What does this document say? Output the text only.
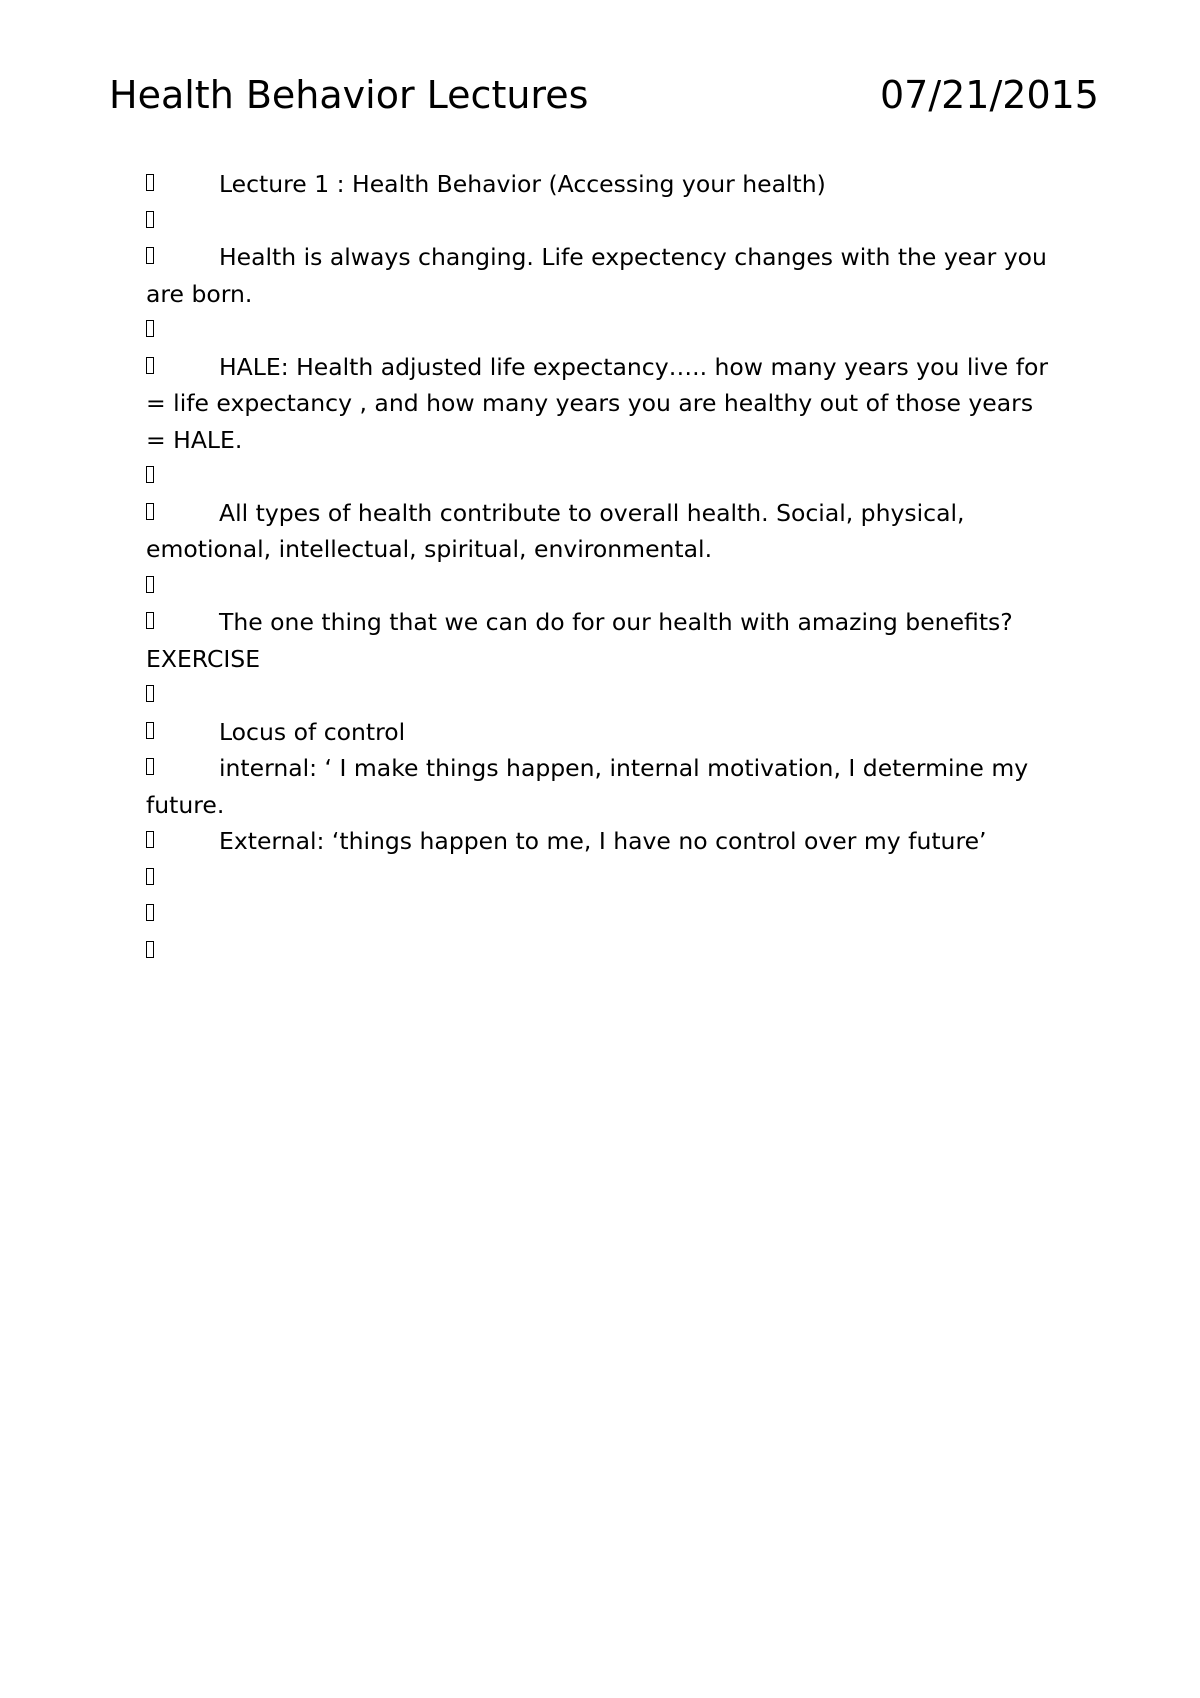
Health Behavior Lectures	07/21/2015
Lecture 1 : Health Behavior (Accessing your health)
Health is always changing. Life expectency changes with the year you are born.
HALE: Health adjusted life expectancy….. how many years you live for = life expectancy , and how many years you are healthy out of those years = HALE.
All types of health contribute to overall health. Social, physical, emotional, intellectual, spiritual, environmental.
The one thing that we can do for our health with amazing benefits? EXERCISE
Locus of control
internal: ‘ I make things happen, internal motivation, I determine my future.
External: ‘things happen to me, I have no control over my future’
